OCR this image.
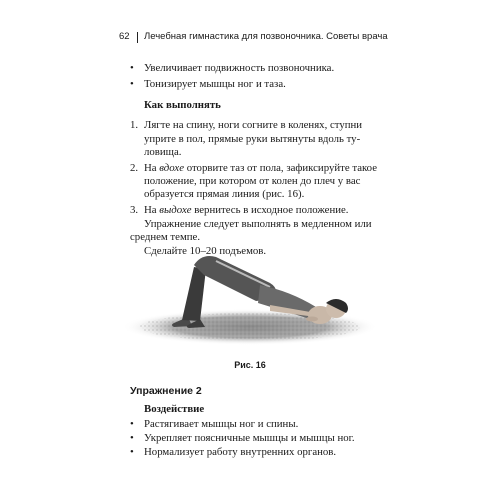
62 Лечебная гимнастика для позвоночника. Советы врача
• Увеличивает подвижность позвоночника.
• Тонизирует мышцы ног и таза.
Как выполнять
1. Лягте на спину, ноги согните в коленях, ступни
уприте в пол, прямые руки вытянуты вдоль ту-
ловища.
2. На вдохе оторвите таз от пола, зафиксируйте такое
положение, при котором от колен до плеч у вас
образуется прямая линия (рис. 16).
3. На выдохе вернитесь в исходное положение.
Упражнение следует выполнять в медленном или
среднем темпе.
Сделайте 10–20 подъемов.
Рис. 16
Упражнение 2
Воздействие
• Растягивает мышцы ног и спины.
• Укрепляет поясничные мышцы и мышцы ног.
• Нормализует работу внутренних органов.
